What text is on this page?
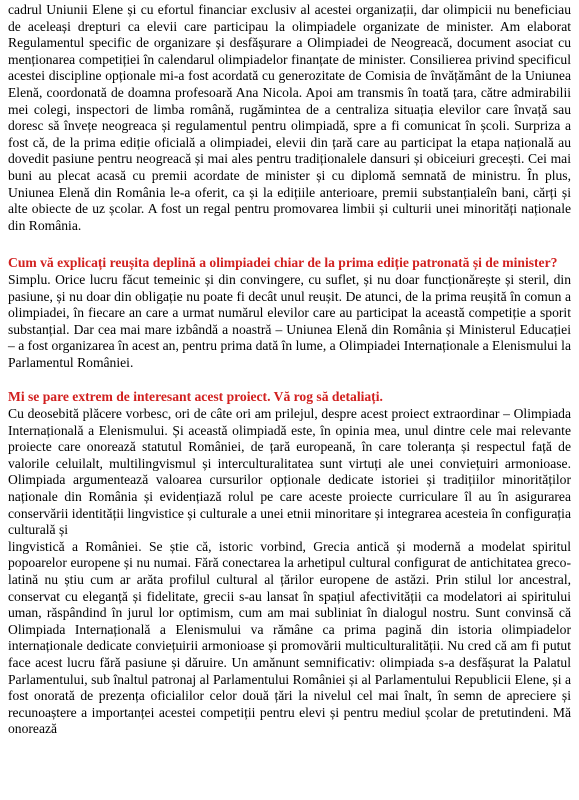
cadrul Uniunii Elene și cu efortul financiar exclusiv al acestei organizații, dar olimpicii nu beneficiau de aceleași drepturi ca elevii care participau la olimpiadele organizate de minister. Am elaborat Regulamentul specific de organizare și desfășurare a Olimpiadei de Neogreacă, document asociat cu menționarea competiției în calendarul olimpiadelor finanțate de minister. Consilierea privind specificul acestei discipline opționale mi-a fost acordată cu generozitate de Comisia de învățământ de la Uniunea Elenă, coordonată de doamna profesoară Ana Nicola. Apoi am transmis în toată țara, către admirabilii mei colegi, inspectori de limba română, rugămintea de a centraliza situația elevilor care învață sau doresc să învețe neogreaca și regulamentul pentru olimpiadă, spre a fi comunicat în școli. Surpriza a fost că, de la prima ediție oficială a olimpiadei, elevii din țară care au participat la etapa națională au dovedit pasiune pentru neogreacă și mai ales pentru tradiționalele dansuri și obiceiuri grecești. Cei mai buni au plecat acasă cu premii acordate de minister și cu diplomă semnată de ministru. În plus, Uniunea Elenă din România le-a oferit, ca și la edițiile anterioare, premii substanțialeîn bani, cărți și alte obiecte de uz școlar. A fost un regal pentru promovarea limbii și culturii unei minorități naționale din România.

Cum vă explicați reușita deplină a olimpiadei chiar de la prima ediție patronată și de minister?

Simplu. Orice lucru făcut temeinic și din convingere, cu suflet, și nu doar funcționărește și steril, din pasiune, și nu doar din obligație nu poate fi decât unul reușit. De atunci, de la prima reușită în comun a olimpiadei, în fiecare an care a urmat numărul elevilor care au participat la această competiție a sporit substanțial. Dar cea mai mare izbândă a noastră – Uniunea Elenă din România și Ministerul Educației – a fost organizarea în acest an, pentru prima dată în lume, a Olimpiadei Internaționale a Elenismului la Parlamentul României.

Mi se pare extrem de interesant acest proiect. Vă rog să detaliați.

Cu deosebită plăcere vorbesc, ori de câte ori am prilejul, despre acest proiect extraordinar – Olimpiada Internațională a Elenismului. Și această olimpiadă este, în opinia mea, unul dintre cele mai relevante proiecte care onorează statutul României, de țară europeană, în care toleranța și respectul față de valorile celuilalt, multilingvismul și interculturalitatea sunt virtuți ale unei conviețuiri armonioase. Olimpiada argumentează valoarea cursurilor opționale dedicate istoriei și tradițiilor minorităților naționale din România și evidențiază rolul pe care aceste proiecte curriculare îl au în asigurarea conservării identității lingvistice și culturale a unei etnii minoritare și integrarea acesteia în configurația culturală și

lingvistică a României. Se știe că, istoric vorbind, Grecia antică și modernă a modelat spiritul popoarelor europene și nu numai. Fără conectarea la arhetipul cultural configurat de antichitatea greco-latină nu știu cum ar arăta profilul cultural al țărilor europene de astăzi. Prin stilul lor ancestral, conservat cu eleganță și fidelitate, grecii s-au lansat în spațiul afectivității ca modelatori ai spiritului uman, răspândind în jurul lor optimism, cum am mai subliniat în dialogul nostru. Sunt convinsă că Olimpiada Internațională a Elenismului va rămâne ca prima pagină din istoria olimpiadelor internaționale dedicate conviețuirii armonioase și promovării multiculturalității. Nu cred că am fi putut face acest lucru fără pasiune și dăruire. Un amănunt semnificativ: olimpiada s-a desfășurat la Palatul Parlamentului, sub înaltul patronaj al Parlamentului României și al Parlamentului Republicii Elene, și a fost onorată de prezența oficialilor celor două țări la nivelul cel mai înalt, în semn de apreciere și recunoaștere a importanței acestei competiții pentru elevi și pentru mediul școlar de pretutindeni. Mă onorează
